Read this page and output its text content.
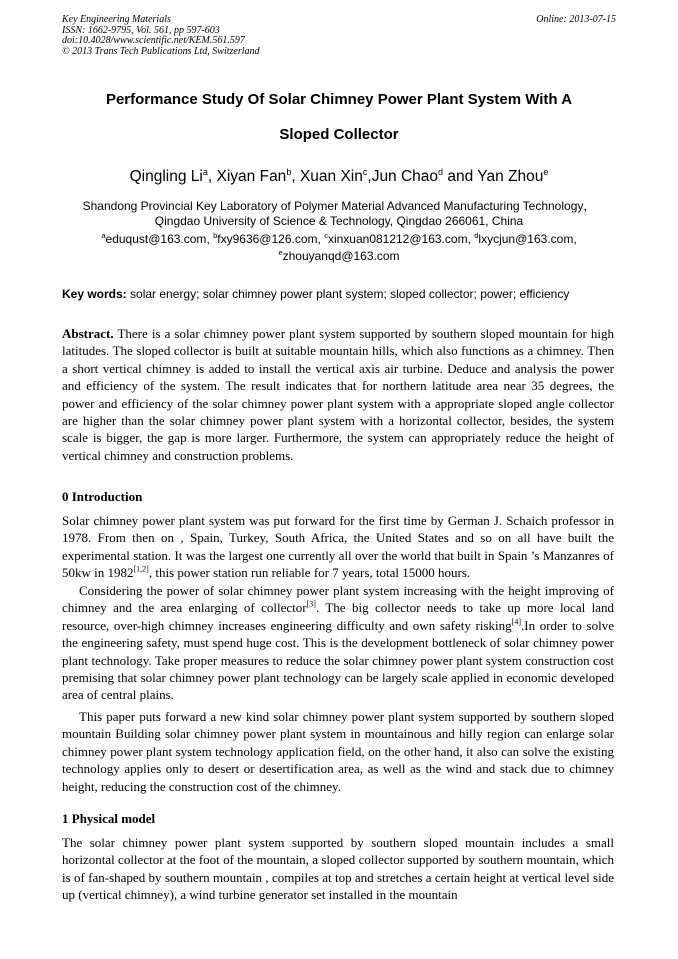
Key Engineering Materials
ISSN: 1662-9795, Vol. 561, pp 597-603
doi:10.4028/www.scientific.net/KEM.561.597
© 2013 Trans Tech Publications Ltd, Switzerland
Online: 2013-07-15
Performance Study Of Solar Chimney Power Plant System With A
Sloped Collector
Qingling Li$^a$, Xiyan Fan$^b$, Xuan Xin$^c$,Jun Chao$^d$ and Yan Zhou$^e$
Shandong Provincial Key Laboratory of Polymer Material Advanced Manufacturing Technology，
Qingdao University of Science & Technology, Qingdao 266061, China
$^a$eduqust@163.com, $^b$fxy9636@126.com, $^c$xinxuan081212@163.com, $^d$lxycjun@163.com,
$^e$zhouyanqd@163.com
Key words: solar energy; solar chimney power plant system; sloped collector; power; efficiency
Abstract. There is a solar chimney power plant system supported by southern sloped mountain for high latitudes. The sloped collector is built at suitable mountain hills, which also functions as a chimney. Then a short vertical chimney is added to install the vertical axis air turbine. Deduce and analysis the power and efficiency of the system. The result indicates that for northern latitude area near 35 degrees, the power and efficiency of the solar chimney power plant system with a appropriate sloped angle collector are higher than the solar chimney power plant system with a horizontal collector, besides, the system scale is bigger, the gap is more larger. Furthermore, the system can appropriately reduce the height of vertical chimney and construction problems.
0 Introduction
Solar chimney power plant system was put forward for the first time by German J. Schaich professor in 1978. From then on , Spain, Turkey, South Africa, the United States and so on all have built the experimental station. It was the largest one currently all over the world that built in Spain ’s Manzanres of 50kw in 1982[1,2], this power station run reliable for 7 years, total 15000 hours.
Considering the power of solar chimney power plant system increasing with the height improving of chimney and the area enlarging of collector[3]. The big collector needs to take up more local land resource, over-high chimney increases engineering difficulty and own safety risking[4].In order to solve the engineering safety, must spend huge cost. This is the development bottleneck of solar chimney power plant technology. Take proper measures to reduce the solar chimney power plant system construction cost premising that solar chimney power plant technology can be largely scale applied in economic developed area of central plains.
This paper puts forward a new kind solar chimney power plant system supported by southern sloped mountain Building solar chimney power plant system in mountainous and hilly region can enlarge solar chimney power plant system technology application field, on the other hand, it also can solve the existing technology applies only to desert or desertification area, as well as the wind and stack due to chimney height, reducing the construction cost of the chimney.
1 Physical model
The solar chimney power plant system supported by southern sloped mountain includes a small horizontal collector at the foot of the mountain, a sloped collector supported by southern mountain, which is of fan-shaped by southern mountain , compiles at top and stretches a certain height at vertical level side up (vertical chimney), a wind turbine generator set installed in the mountain
